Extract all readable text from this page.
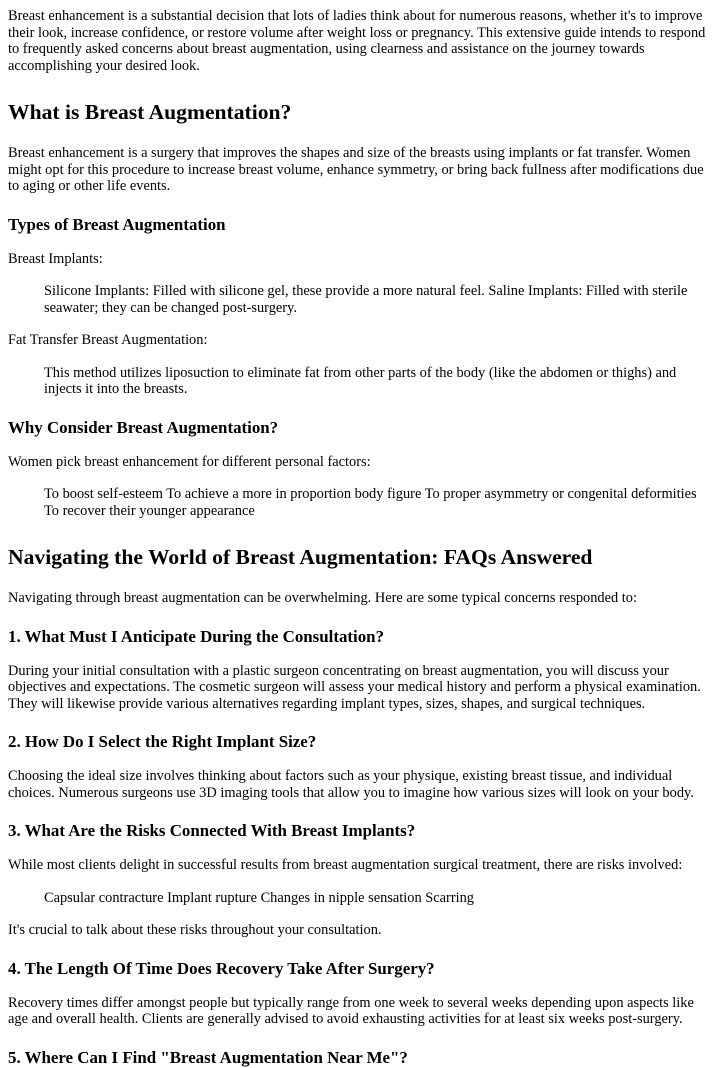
Breast enhancement is a substantial decision that lots of ladies think about for numerous reasons, whether it's to improve their look, increase confidence, or restore volume after weight loss or pregnancy. This extensive guide intends to respond to frequently asked concerns about breast augmentation, using clearness and assistance on the journey towards accomplishing your desired look.

What is Breast Augmentation?

Breast enhancement is a surgery that improves the shapes and size of the breasts using implants or fat transfer. Women might opt for this procedure to increase breast volume, enhance symmetry, or bring back fullness after modifications due to aging or other life events.

Types of Breast Augmentation

Breast Implants:

Silicone Implants: Filled with silicone gel, these provide a more natural feel. Saline Implants: Filled with sterile seawater; they can be changed post-surgery.

Fat Transfer Breast Augmentation:

This method utilizes liposuction to eliminate fat from other parts of the body (like the abdomen or thighs) and injects it into the breasts.
Why Consider Breast Augmentation?

Women pick breast enhancement for different personal factors:

To boost self-esteem To achieve a more in proportion body figure To proper asymmetry or congenital deformities To recover their younger appearance
Navigating the World of Breast Augmentation: FAQs Answered

Navigating through breast augmentation can be overwhelming. Here are some typical concerns responded to:

1. What Must I Anticipate During the Consultation?

During your initial consultation with a plastic surgeon concentrating on breast augmentation, you will discuss your objectives and expectations. The cosmetic surgeon will assess your medical history and perform a physical examination. They will likewise provide various alternatives regarding implant types, sizes, shapes, and surgical techniques.

2. How Do I Select the Right Implant Size?

Choosing the ideal size involves thinking about factors such as your physique, existing breast tissue, and individual choices. Numerous surgeons use 3D imaging tools that allow you to imagine how various sizes will look on your body.

3. What Are the Risks Connected With Breast Implants?

While most clients delight in successful results from breast augmentation surgical treatment, there are risks involved:

Capsular contracture Implant rupture Changes in nipple sensation Scarring

It's crucial to talk about these risks throughout your consultation.

4. The Length Of Time Does Recovery Take After Surgery?

Recovery times differ amongst people but typically range from one week to several weeks depending upon aspects like age and overall health. Clients are generally advised to avoid exhausting activities for at least six weeks post-surgery.

5. Where Can I Find "Breast Augmentation Near Me"?
